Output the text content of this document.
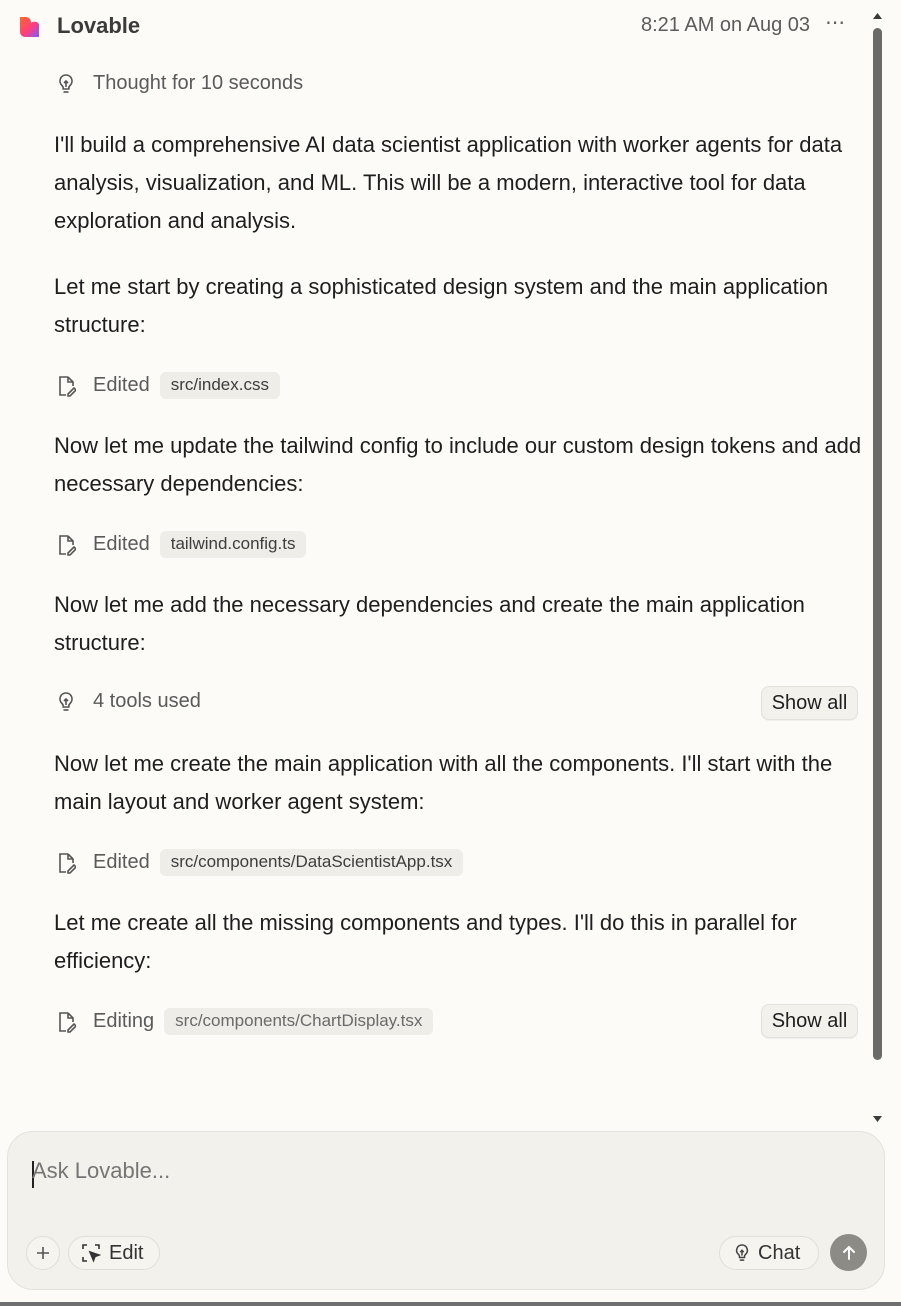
Lovable	8:21 AM on Aug 03 ⋯
Thought for 10 seconds
I'll build a comprehensive AI data scientist application with worker agents for data analysis, visualization, and ML. This will be a modern, interactive tool for data exploration and analysis.
Let me start by creating a sophisticated design system and the main application structure:
Edited	src/index.css
Now let me update the tailwind config to include our custom design tokens and add necessary dependencies:
Edited	tailwind.config.ts
Now let me add the necessary dependencies and create the main application structure:
4 tools used	Show all
Now let me create the main application with all the components. I'll start with the main layout and worker agent system:
Edited	src/components/DataScientistApp.tsx
Let me create all the missing components and types. I'll do this in parallel for efficiency:
Editing	src/components/ChartDisplay.tsx	Show all
Ask Lovable...
Edit	Chat
